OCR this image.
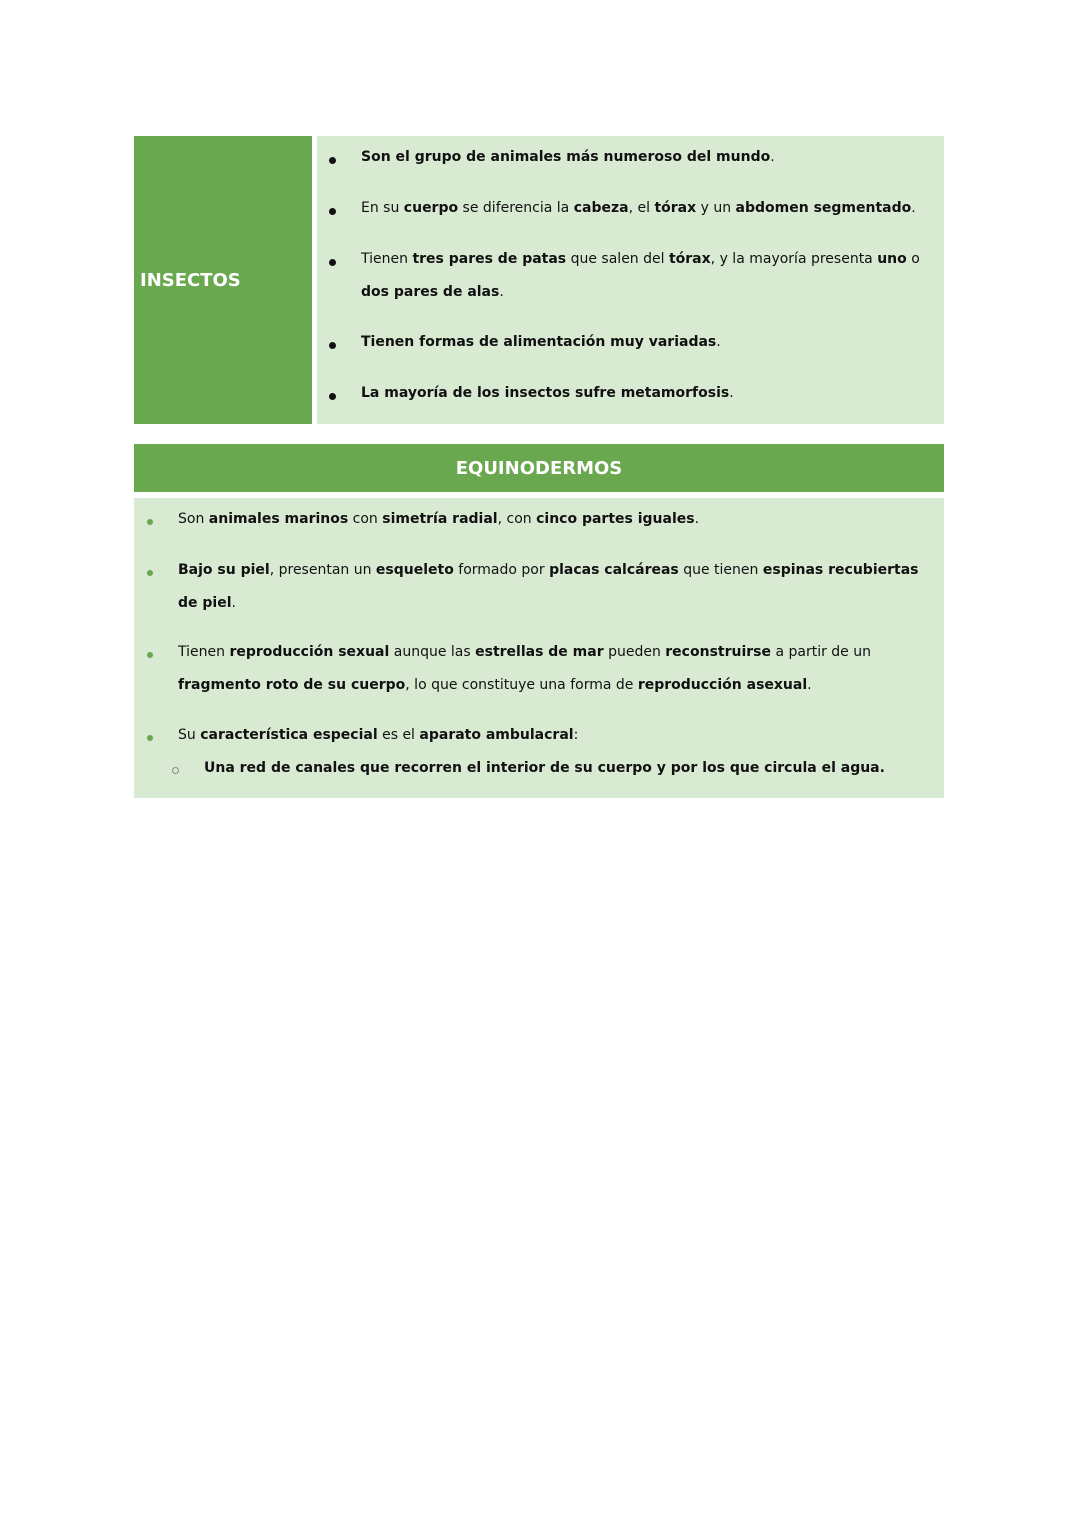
INSECTOS
Son el grupo de animales más numeroso del mundo.
En su cuerpo se diferencia la cabeza, el tórax y un abdomen segmentado.
Tienen tres pares de patas que salen del tórax, y la mayoría presenta uno o dos pares de alas.
Tienen formas de alimentación muy variadas.
La mayoría de los insectos sufre metamorfosis.
EQUINODERMOS
Son animales marinos con simetría radial, con cinco partes iguales.
Bajo su piel, presentan un esqueleto formado por placas calcáreas que tienen espinas recubiertas de piel.
Tienen reproducción sexual aunque las estrellas de mar pueden reconstruirse a partir de un fragmento roto de su cuerpo, lo que constituye una forma de reproducción asexual.
Su característica especial es el aparato ambulacral:
Una red de canales que recorren el interior de su cuerpo y por los que circula el agua.
